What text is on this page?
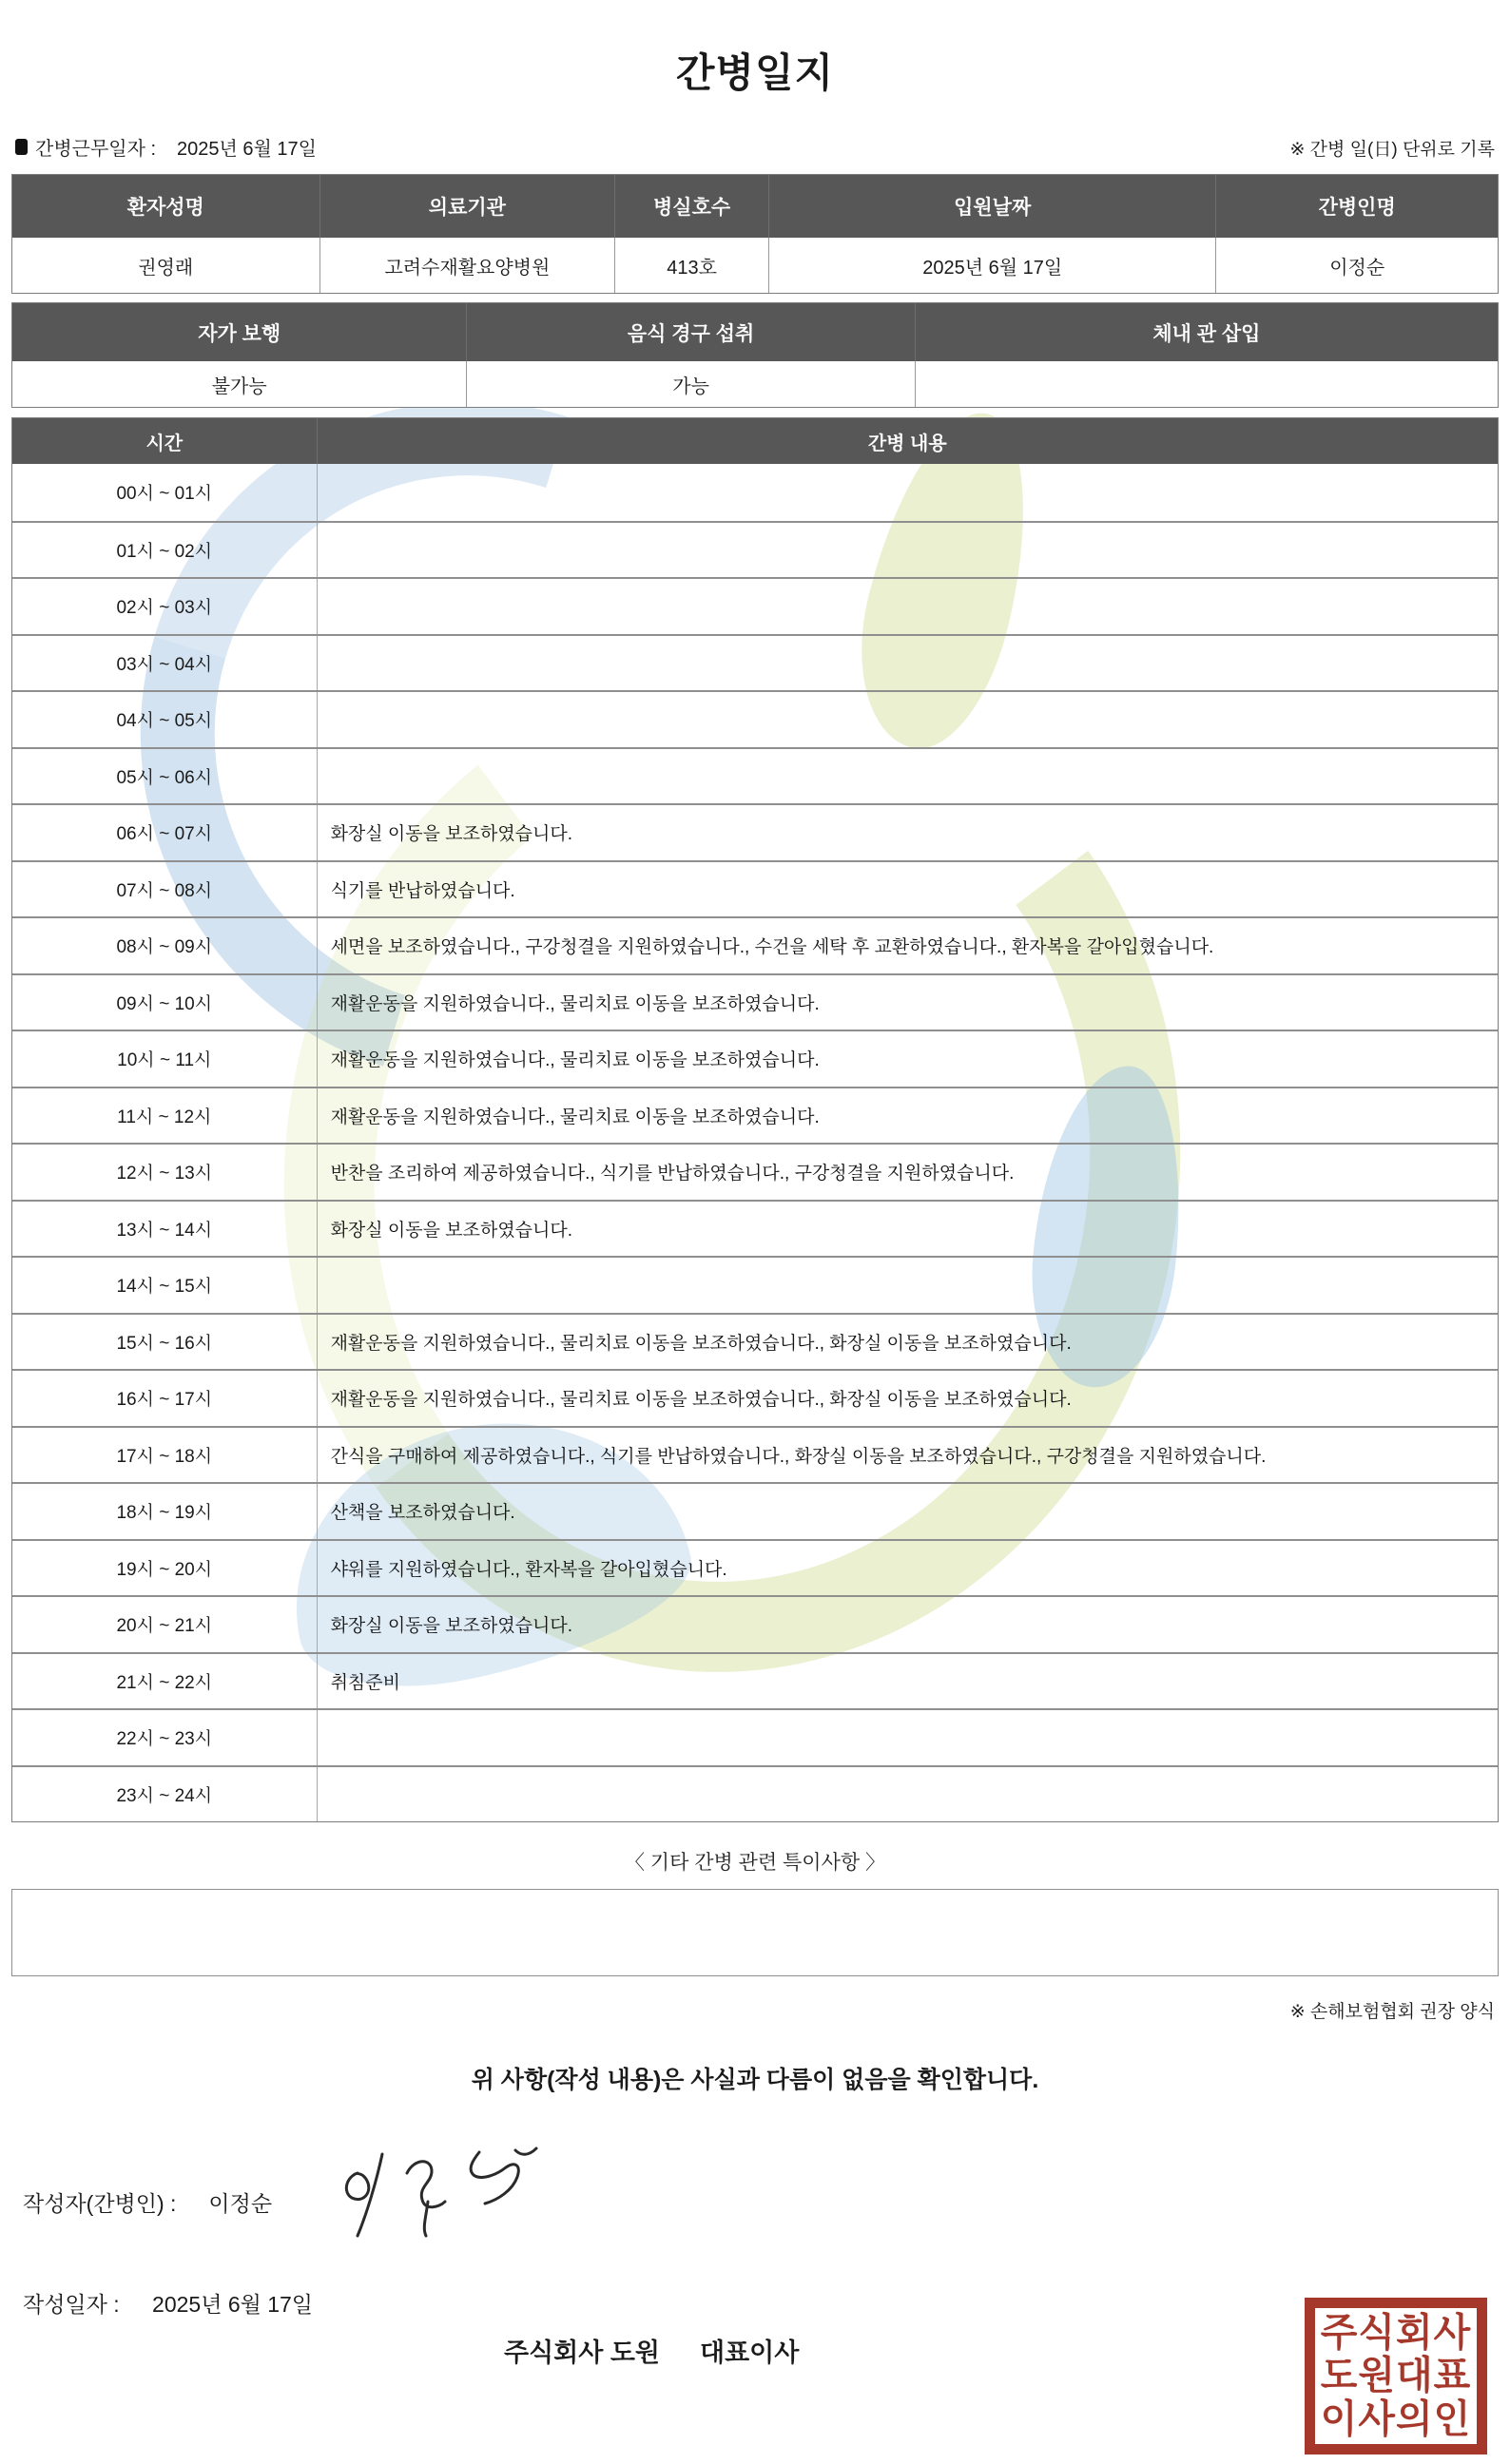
간병일지
간병근무일자 : 2025년 6월 17일	※ 간병 일(日) 단위로 기록
환자성명	의료기관	병실호수	입원날짜	간병인명
권영래	고려수재활요양병원	413호	2025년 6월 17일	이정순
자가 보행	음식 경구 섭취	체내 관 삽입
불가능	가능
시간	간병 내용
00시 ~ 01시
01시 ~ 02시
02시 ~ 03시
03시 ~ 04시
04시 ~ 05시
05시 ~ 06시
06시 ~ 07시	화장실 이동을 보조하였습니다.
07시 ~ 08시	식기를 반납하였습니다.
08시 ~ 09시	세면을 보조하였습니다., 구강청결을 지원하였습니다., 수건을 세탁 후 교환하였습니다., 환자복을 갈아입혔습니다.
09시 ~ 10시	재활운동을 지원하였습니다., 물리치료 이동을 보조하였습니다.
10시 ~ 11시	재활운동을 지원하였습니다., 물리치료 이동을 보조하였습니다.
11시 ~ 12시	재활운동을 지원하였습니다., 물리치료 이동을 보조하였습니다.
12시 ~ 13시	반찬을 조리하여 제공하였습니다., 식기를 반납하였습니다., 구강청결을 지원하였습니다.
13시 ~ 14시	화장실 이동을 보조하였습니다.
14시 ~ 15시
15시 ~ 16시	재활운동을 지원하였습니다., 물리치료 이동을 보조하였습니다., 화장실 이동을 보조하였습니다.
16시 ~ 17시	재활운동을 지원하였습니다., 물리치료 이동을 보조하였습니다., 화장실 이동을 보조하였습니다.
17시 ~ 18시	간식을 구매하여 제공하였습니다., 식기를 반납하였습니다., 화장실 이동을 보조하였습니다., 구강청결을 지원하였습니다.
18시 ~ 19시	산책을 보조하였습니다.
19시 ~ 20시	샤워를 지원하였습니다., 환자복을 갈아입혔습니다.
20시 ~ 21시	화장실 이동을 보조하였습니다.
21시 ~ 22시	취침준비
22시 ~ 23시
23시 ~ 24시
〈 기타 간병 관련 특이사항 〉
※ 손해보험협회 권장 양식
위 사항(작성 내용)은 사실과 다름이 없음을 확인합니다.
작성자(간병인) : 이정순
작성일자 : 2025년 6월 17일
주식회사 도원 대표이사	주식회사
도원대표
이사의인
